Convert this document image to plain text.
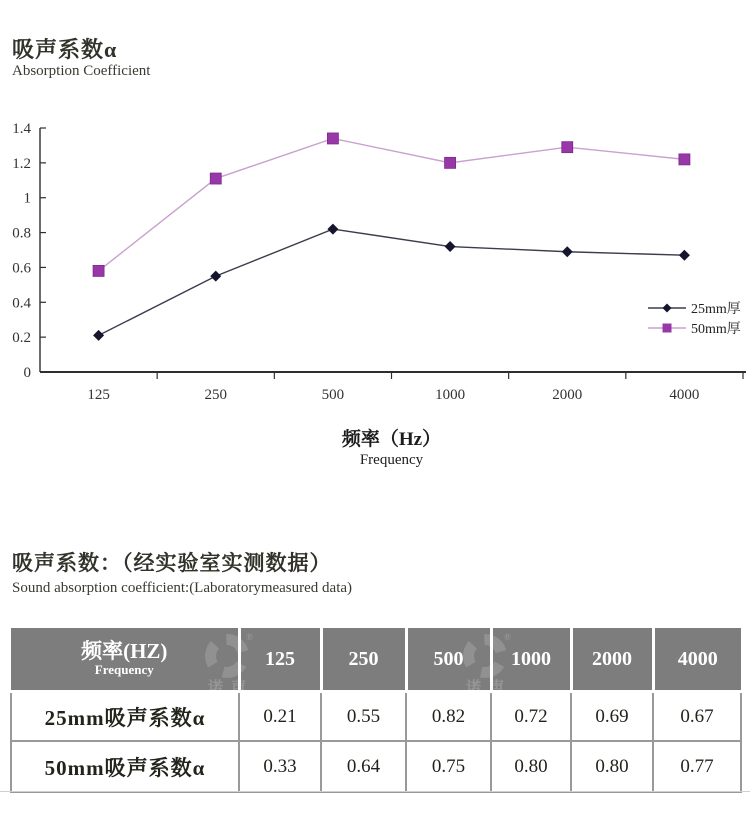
吸声系数α
Absorption Coefficient
0
0.2
0.4
0.6
0.8
1
1.2
1.4
125	250	500	1000	2000	4000
25mm厚
50mm厚
频率（Hz）
Frequency
吸声系数：（经实验室实测数据）
Sound absorption coefficient:(Laboratorymeasured data)
®
诺声
®
诺声
频率(HZ)
Frequency	125	250	500	1000	2000	4000
25mm吸声系数α	0.21	0.55	0.82	0.72	0.69	0.67
50mm吸声系数α	0.33	0.64	0.75	0.80	0.80	0.77
